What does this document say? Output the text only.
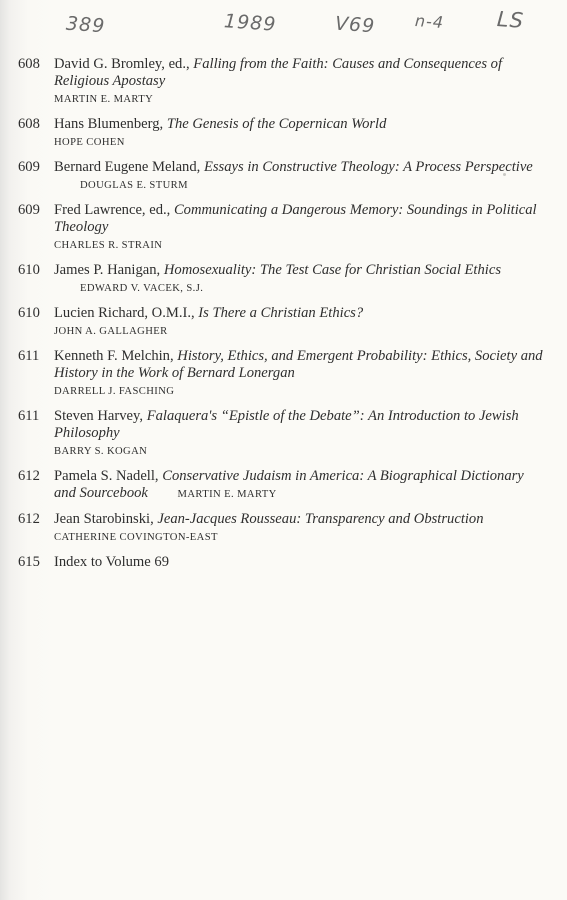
389	1989	V69 n-4 LS
608 David G. Bromley, ed., Falling from the Faith: Causes and Consequences of Religious Apostasy
MARTIN E. MARTY
608 Hans Blumenberg, The Genesis of the Copernican World
HOPE COHEN
609 Bernard Eugene Meland, Essays in Constructive Theology: A Process Perspective DOUGLAS E. STURM
609 Fred Lawrence, ed., Communicating a Dangerous Memory: Soundings in Political Theology
CHARLES R. STRAIN
610 James P. Hanigan, Homosexuality: The Test Case for Christian Social Ethics EDWARD V. VACEK, S.J.
610 Lucien Richard, O.M.I., Is There a Christian Ethics?
JOHN A. GALLAGHER
611	Kenneth F. Melchin, History, Ethics, and Emergent Probability: Ethics, Society and History in the Work of Bernard Lonergan
DARRELL J. FASCHING
611	Steven Harvey, Falaquera's “Epistle of the Debate”: An Introduction to Jewish Philosophy
BARRY S. KOGAN
612 Pamela S. Nadell, Conservative Judaism in America: A Biographical Dictionary and Sourcebook	MARTIN E. MARTY
612 Jean Starobinski, Jean-Jacques Rousseau: Transparency and Obstruction
CATHERINE COVINGTON-EAST
615 Index to Volume 69
